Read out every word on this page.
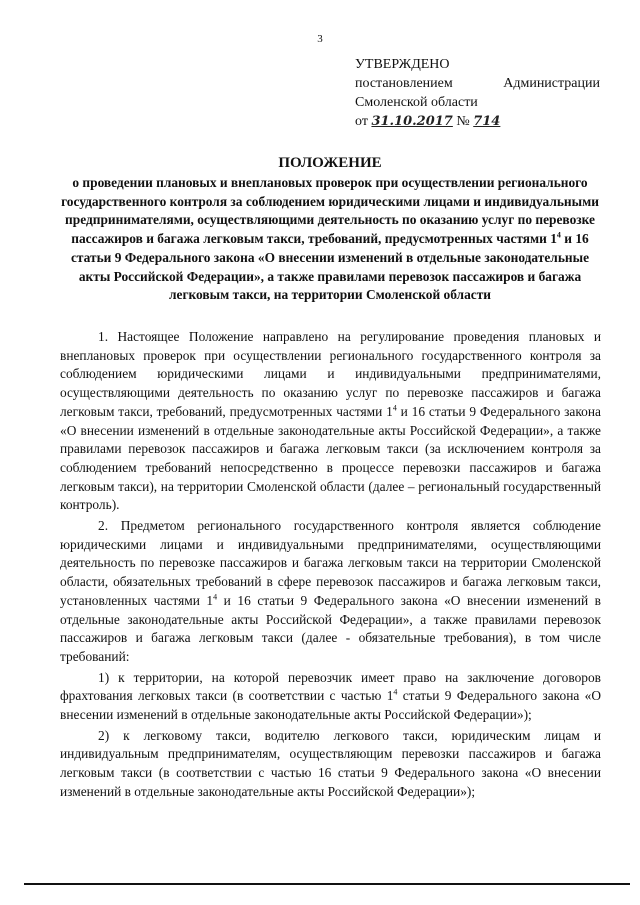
3
УТВЕРЖДЕНО
постановлением	Администрации
Смоленской области
от 31.10.2017 № 714
ПОЛОЖЕНИЕ
о проведении плановых и внеплановых проверок при осуществлении регионального государственного контроля за соблюдением юридическими лицами и индивидуальными предпринимателями, осуществляющими деятельность по оказанию услуг по перевозке пассажиров и багажа легковым такси, требований, предусмотренных частями $1^4$ и 16 статьи 9 Федерального закона «О внесении изменений в отдельные законодательные акты Российской Федерации», а также правилами перевозок пассажиров и багажа легковым такси, на территории Смоленской области

1. Настоящее Положение направлено на регулирование проведения плановых и внеплановых проверок при осуществлении регионального государственного контроля за соблюдением юридическими лицами и индивидуальными предпринимателями, осуществляющими деятельность по оказанию услуг по перевозке пассажиров и багажа легковым такси, требований, предусмотренных частями $1^4$ и 16 статьи 9 Федерального закона «О внесении изменений в отдельные законодательные акты Российской Федерации», а также правилами перевозок пассажиров и багажа легковым такси (за исключением контроля за соблюдением требований непосредственно в процессе перевозки пассажиров и багажа легковым такси), на территории Смоленской области (далее – региональный государственный контроль).

2. Предметом регионального государственного контроля является соблюдение юридическими лицами и индивидуальными предпринимателями, осуществляющими деятельность по перевозке пассажиров и багажа легковым такси на территории Смоленской области, обязательных требований в сфере перевозок пассажиров и багажа легковым такси, установленных частями $1^4$ и 16 статьи 9 Федерального закона «О внесении изменений в отдельные законодательные акты Российской Федерации», а также правилами перевозок пассажиров и багажа легковым такси (далее - обязательные требования), в том числе требований:

1) к территории, на которой перевозчик имеет право на заключение договоров фрахтования легковых такси (в соответствии с частью $1^4$ статьи 9 Федерального закона «О внесении изменений в отдельные законодательные акты Российской Федерации»);

2) к легковому такси, водителю легкового такси, юридическим лицам и индивидуальным предпринимателям, осуществляющим перевозки пассажиров и багажа легковым такси (в соответствии с частью 16 статьи 9 Федерального закона «О внесении изменений в отдельные законодательные акты Российской Федерации»);
